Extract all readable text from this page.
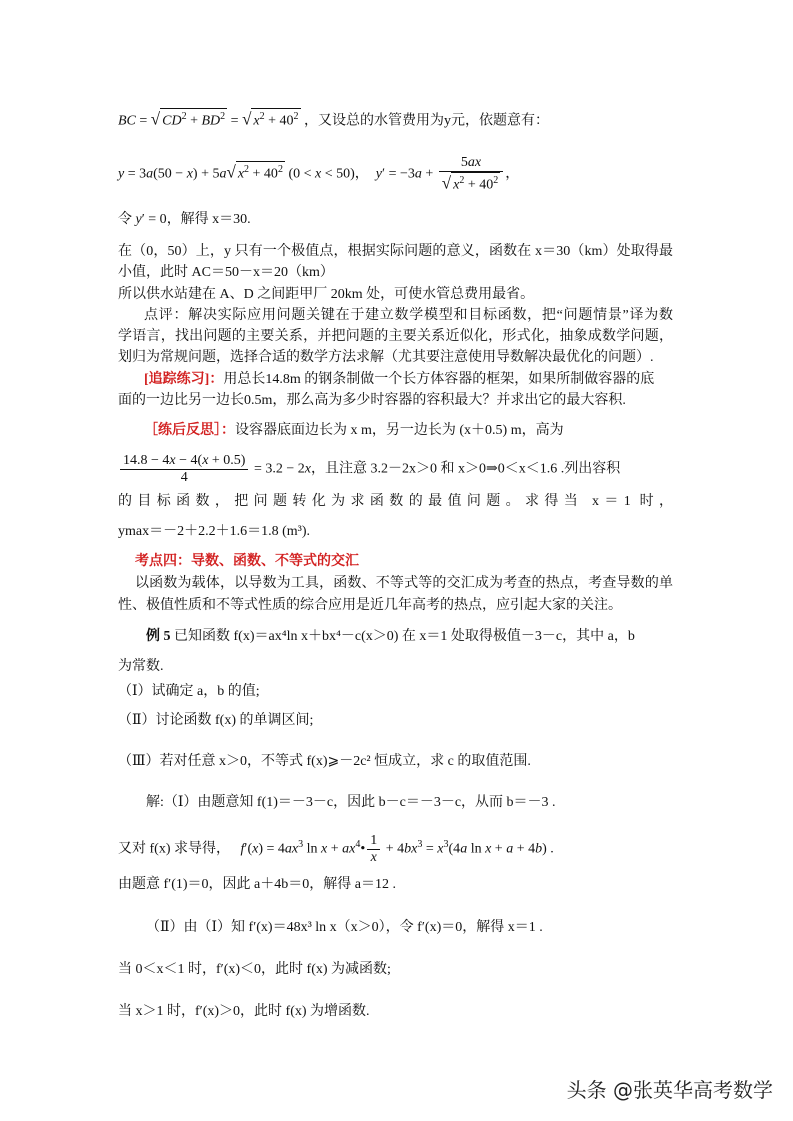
BC = √ $CD^2 + BD^2$ = √ $x^2 + 40^2$ ，又设总的水管费用为y元，依题意有：
y = 3a(50 − x) + 5a√ $x^2 + 40^2$ (0 < x < 50)，  $y' = -3a + \frac{5ax}{√ x^2 + 40^2}$ ，
令 y′ = 0，解得 x＝30.
在（0，50）上，y 只有一个极值点，根据实际问题的意义，函数在 x＝30（km）处取得最
小值，此时 AC＝50－x＝20（km）
所以供水站建在 A、D 之间距甲厂 20km 处，可使水管总费用最省。
点评：解决实际应用问题关键在于建立数学模型和目标函数，把“问题情景”译为数
学语言，找出问题的主要关系，并把问题的主要关系近似化，形式化，抽象成数学问题，
划归为常规问题，选择合适的数学方法求解（尤其要注意使用导数解决最优化的问题）.
[追踪练习]：用总长14.8m 的钢条制做一个长方体容器的框架，如果所制做容器的底
面的一边比另一边长0.5m，那么高为多少时容器的容积最大？并求出它的最大容积.
［练后反思］：设容器底面边长为 x m，另一边长为 (x＋0.5) m，高为
$\frac{14.8 - 4x - 4(x + 0.5)}{4} = 3.2 - 2x$，且注意 3.2－2x＞0 和 x＞0⇒0＜x＜1.6 .列出容积
的目标函数，把问题转化为求函数的最值问题。求得当 x＝1 时，
ymax＝－2＋2.2＋1.6＝1.8 (m³).
考点四：导数、函数、不等式的交汇
以函数为载体，以导数为工具，函数、不等式等的交汇成为考查的热点，考查导数的单
性、极值性质和不等式性质的综合应用是近几年高考的热点，应引起大家的关注。
例 5 已知函数 f(x)＝ax⁴ln x＋bx⁴－c(x＞0) 在 x＝1 处取得极值－3－c，其中 a，b
为常数.
（Ⅰ）试确定 a，b 的值;
（Ⅱ）讨论函数 f(x) 的单调区间;
（Ⅲ）若对任意 x＞0，不等式 f(x)⩾－2c² 恒成立，求 c 的取值范围.
解:（Ⅰ）由题意知 f(1)＝－3－c，因此 b－c＝－3－c，从而 b＝－3 .
又对 f(x) 求导得， $f'(x) = 4ax^3$ $\ln x + ax^4• \frac{1}{x} + 4bx^3 = x^3(4a$ ln x + a + 4b) .
由题意 f′(1)＝0，因此 a＋4b＝0，解得 a＝12 .
（Ⅱ）由（Ⅰ）知 f′(x)＝48x³ ln x（x＞0），令 f′(x)＝0，解得 x＝1 .
当 0＜x＜1 时，f′(x)＜0，此时 f(x) 为减函数;
当 x＞1 时，f′(x)＞0，此时 f(x) 为增函数.
头条 @张英华高考数学
